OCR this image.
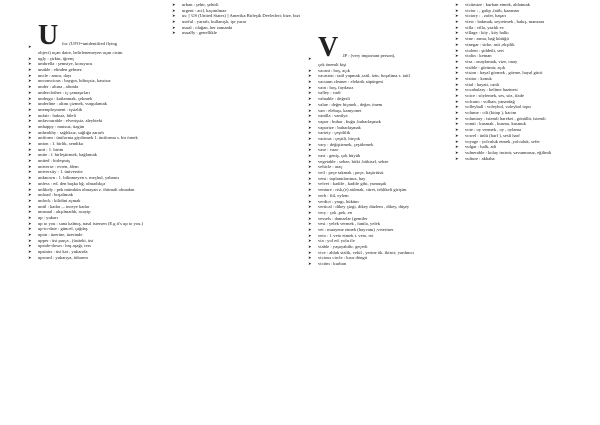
➤ U for. (UFO=unidentified flying

object) uçan daire, belirlenemeyen uçan cisim

➤ ugly : çirkin, iğrenç

➤ umbrella : şemsiye, koruyucu

➤ unable : elinden gelmez

➤ uncle : amca, dayı

➤ unconscious : baygın, bilinçsiz, kasıtsız

➤ under : altına , altında

➤ underclothes : iç çamaşırları

➤ undergo : katlanmak, çekmek

➤ underline : altını çizmek, vurgulamak

➤ unemployment : işsizlik

➤ unfair : haksız, hileli

➤ unfavourable : elverişsiz, aleyhteki

➤ unhappy : mutsuz, üzgün

➤ unhealthy : sağlıksız, sağlığa zararlı

➤ uniform : üniforma giydirmek 1. üniforma s. bir örnek

➤ union : 1. birlik, sendika

➤ unit : 1. birim

➤ unite : f. birleştirmek, bağlamak

➤ united : birleşmiş

➤ universe : evren, âlem

➤ university : 1. üniversite

➤ unknown : 1. bilinmeyen s. meçhul, yabancı

➤ unless : ed. den başka bğ. olmadıkça

➤ unlikely : pek mümkün olmayan z. ihtimali olmadan

➤ unload : boşaltmak

➤ unlock : kilidini açmak

➤ until : kadar ,– inceye kadar

➤ unusual : alışılmadık, acayip

➤ up : yukarı

➤ up to you : sana kalmış, nasıl istersen (E.g it's up to you.)

➤ up-to-date : güncel, çağdaş

➤ upon : üzerine, üzerinde

➤ upper : üst parça , (üstteki, üst

➤ upside-down : baş aşağı, ters

➤ upstairs : üst kat , yukarıda

➤ upward : yukarıya, itibaren

➤ urban : şehir, şehirli

➤ urgent : acil, kaçınılmaz

➤ us: [ US (United States) ] Amerika Birleşik Devletleri; bize, bizi

➤ useful : yararlı, kullanışlı, işe yarar

➤ usual : olağan, her zamanki

➤ usually : genellikle

➤ V .IP : (very important person),

çok önemli kişi

➤ vacant : boş, açık

➤ vacation : tatil yapmak ,tatil, izin, boşaltma s. tatil

➤ vacuum cleaner : elektrik süpürgesi

➤ vain : boş, faydasız

➤ valley : vadi

➤ valuable : değerli

➤ value : değer biçmek , değer, önem

➤ van : elebaşı, kamyonet

➤ vanilla : vanilya

➤ vapor : buhar , buğu ,buharlaşmak

➤ vaporize : buharlaşmak

➤ variety : çeşitlilik

➤ various : çeşitli, birçok

➤ vary : değiştirmek, çeşitlemek

➤ vase : vazo

➤ vast : geniş, çok büyük

➤ vegetable : sebze, bitki ,bitkisel, sebze

➤ vehicle : araç

➤ veil : peçe takmak ; peçe, başörtüsü

➤ vent : toplantılarımız, hay

➤ velvet : kadife , kadife gibi, yumuşak

➤ venture : risk,(e) atılmak, cüret, tehlikeli girişim

➤ verb : fiil, eylem

➤ verdict : yargı, hüküm

➤ vertical : dikey çizgi, dikey düzlem , dikey, düşey

➤ very : çok ,pek, en

➤ vessels : damarlar (gemiler

➤ vest : yelek vermek , fanila, yelek

➤ vet : muayene etmek (hayvanı) ,veteriner

➤ veto : f. veto etmek i. veto, ret

➤ via : yol ed. yolu ile

➤ viable : yaşayabilir, geçerli

➤ vice : ahlak sizlik, vekil , yerine ök. ikinci; yardımcı

➤ vicious circle : kısır döngü

➤ victim : kurban

➤ victimize : kurban etmek, aldatmak

➤ victor : , galip ,fatih, kazanan

➤ victory : , zafer, başarı

➤ view : bakmak, seyretmek , bakış, manzara

➤ villa : villa, yazlık ev

➤ village : köy , köy halkı

➤ vine : asma, bağ kütüğü

➤ vinegar : sirke, asit ,ekşilik

➤ violent : şiddetli, sert

➤ violin : keman

➤ visa : onaylamak, vize, onay

➤ visible : görünür, açık

➤ vision : hayal görmek , görme, hayal gücü

➤ visitor : konuk

➤ vital : hayati, canlı

➤ vocabulary : kelime hazinesi

➤ voice : söylemek, ses, söz, ifade

➤ volcano : volkan, yanardağ

➤ volleyball : voleybol, voleybol topu

➤ volume : cilt (kitap ), hacim

➤ voluntary : istemli hareket , gönüllü, istemli

➤ vomit : kusmak , kusma, kusmuk

➤ vote : oy vermek , oy , oylama

➤ vowel : ünlü (harf ), sesli harf

➤ voyage : yolculuk etmek ,yolculuk, sefer

➤ vulgar : halk, adi

➤ vulnerable : kolay incinir, savunmasız, eğilimli

➤ vulture : akbaba
